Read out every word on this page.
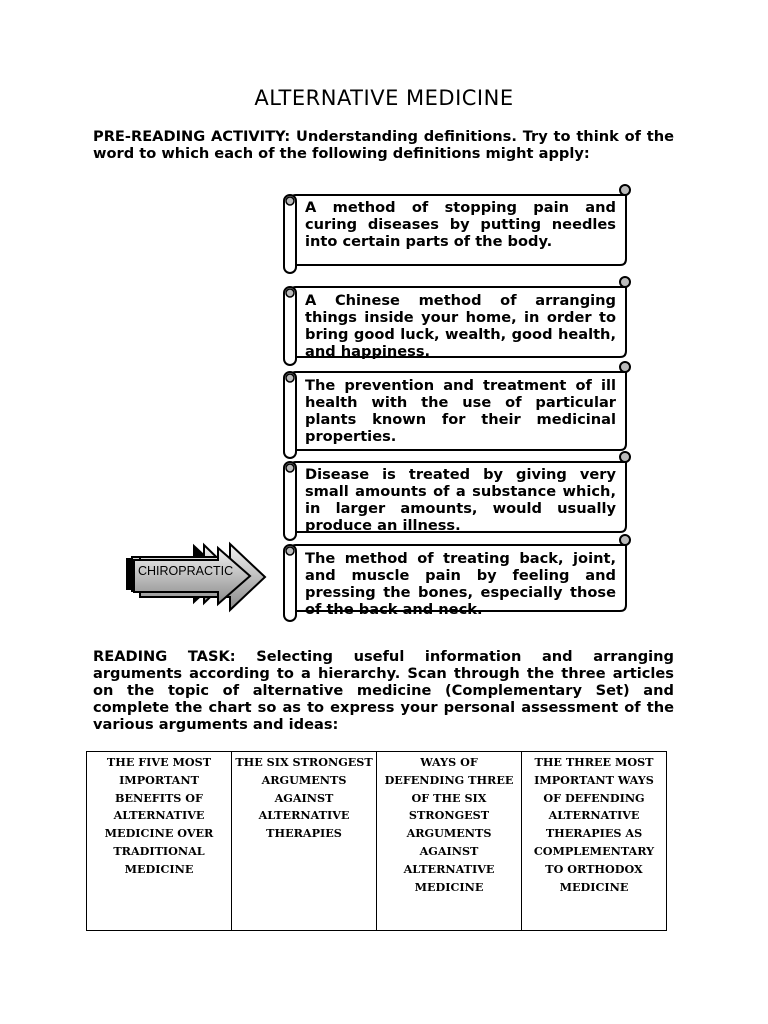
ALTERNATIVE MEDICINE

PRE-READING ACTIVITY: Understanding definitions. Try to think of the word to which each of the following definitions might apply:

A method of stopping pain and curing diseases by putting needles into certain parts of the body.

A Chinese method of arranging things inside your home, in order to bring good luck, wealth, good health, and happiness.

The prevention and treatment of ill health with the use of particular plants known for their medicinal properties.

Disease is treated by giving very small amounts of a substance which, in larger amounts, would usually produce an illness.

The method of treating back, joint, and muscle pain by feeling and pressing the bones, especially those of the back and neck.

CHIROPRACTIC

READING TASK: Selecting useful information and arranging arguments according to a hierarchy. Scan through the three articles on the topic of alternative medicine (Complementary Set) and complete the chart so as to express your personal assessment of the various arguments and ideas:

THE FIVE MOST IMPORTANT BENEFITS OF ALTERNATIVE MEDICINE OVER TRADITIONAL MEDICINE	THE SIX STRONGEST ARGUMENTS AGAINST ALTERNATIVE THERAPIES	WAYS OF DEFENDING THREE OF THE SIX STRONGEST ARGUMENTS AGAINST ALTERNATIVE MEDICINE	THE THREE MOST IMPORTANT WAYS OF DEFENDING ALTERNATIVE THERAPIES AS COMPLEMENTARY TO ORTHODOX MEDICINE
